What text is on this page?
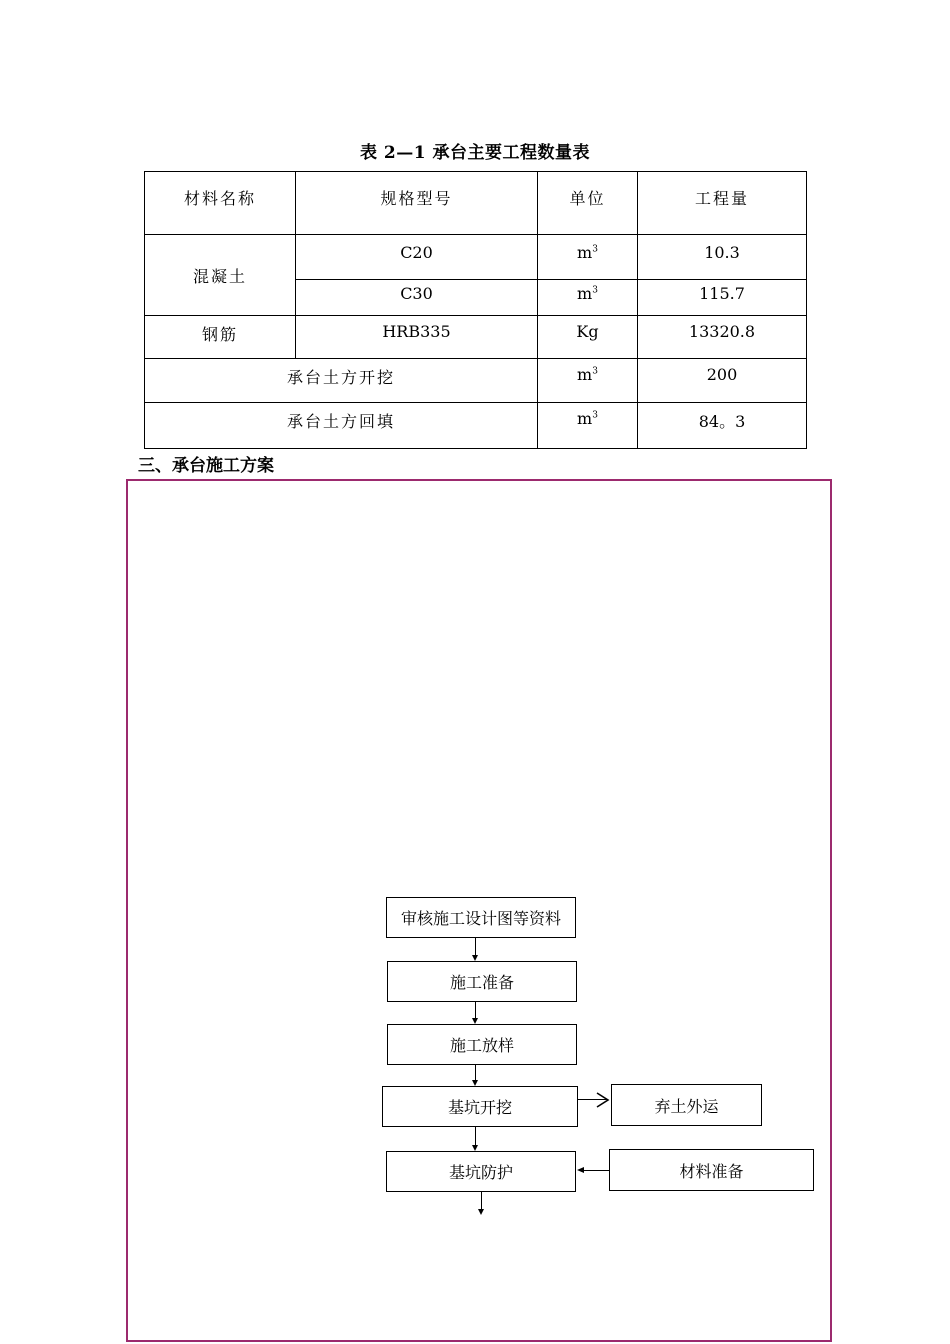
表 2—1 承台主要工程数量表
材料名称	规格型号	单位	工程量
混凝土	C20	$m^3$	10.3
	C30	$m^3$	115.7
钢筋	HRB335	Kg	13320.8
承台土方开挖		$m^3$	200
承台土方回填		$m^3$	84。3
三、承台施工方案
审核施工设计图等资料
施工准备
施工放样
基坑开挖	弃土外运
基坑防护	材料准备
